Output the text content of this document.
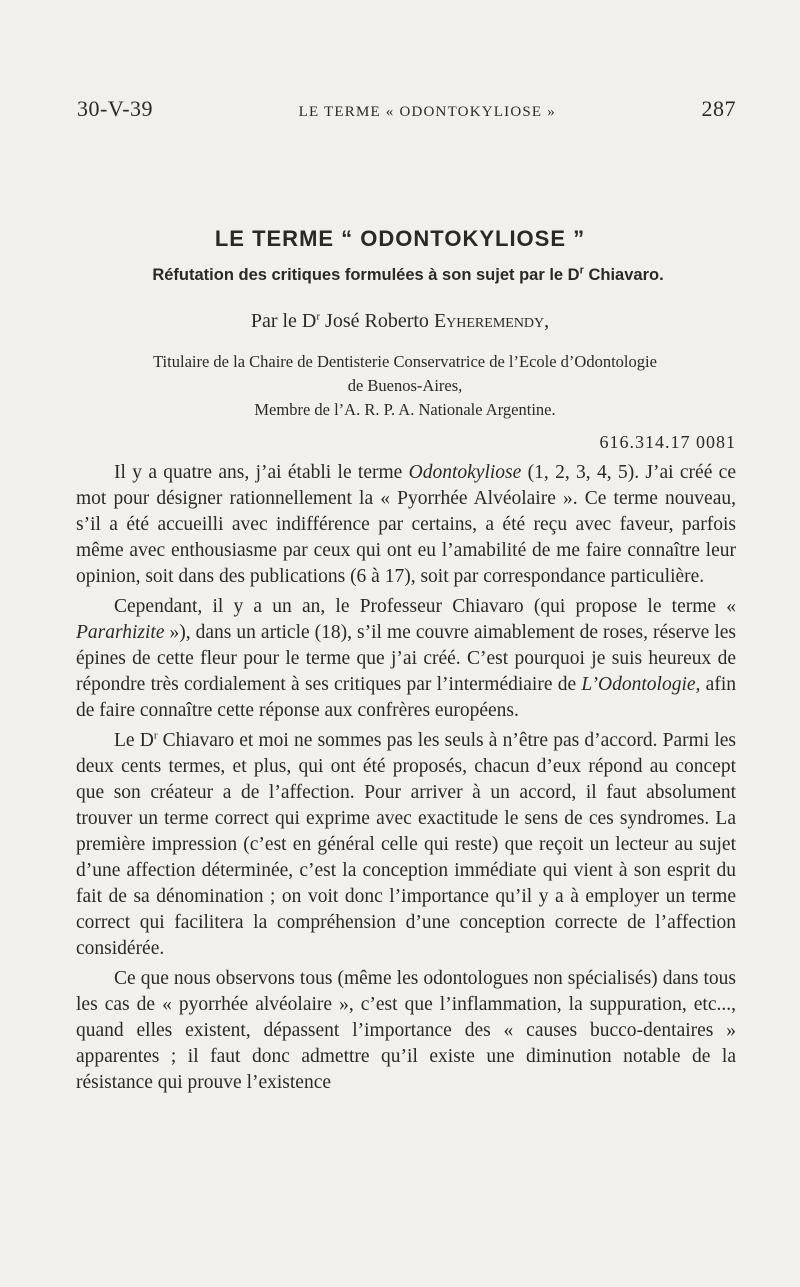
30-V-39	LE TERME « ODONTOKYLIOSE »	287
LE TERME “ ODONTOKYLIOSE ”
Réfutation des critiques formulées à son sujet par le $D^r$ Chiavaro.
Par le $D^r$ José Roberto Eyheremendy,
Titulaire de la Chaire de Dentisterie Conservatrice de l’Ecole d’Odontologie
de Buenos-Aires,
Membre de l’A. R. P. A. Nationale Argentine.
616.314.17 0081

Il y a quatre ans, j’ai établi le terme Odontokyliose (1, 2, 3, 4, 5). J’ai créé ce mot pour désigner rationnellement la « Pyorrhée Alvéolaire ». Ce terme nouveau, s’il a été accueilli avec indifférence par certains, a été reçu avec faveur, parfois même avec enthousiasme par ceux qui ont eu l’amabilité de me faire connaître leur opinion, soit dans des publications (6 à 17), soit par correspondance particulière.

Cependant, il y a un an, le Professeur Chiavaro (qui propose le terme « Pararhizite »), dans un article (18), s’il me couvre aimablement de roses, réserve les épines de cette fleur pour le terme que j’ai créé. C’est pourquoi je suis heureux de répondre très cordialement à ses critiques par l’intermédiaire de L’Odontologie, afin de faire connaître cette réponse aux confrères européens.

Le $D^r$ Chiavaro et moi ne sommes pas les seuls à n’être pas d’accord. Parmi les deux cents termes, et plus, qui ont été proposés, chacun d’eux répond au concept que son créateur a de l’affection. Pour arriver à un accord, il faut absolument trouver un terme correct qui exprime avec exactitude le sens de ces syndromes. La première impression (c’est en général celle qui reste) que reçoit un lecteur au sujet d’une affection déterminée, c’est la conception immédiate qui vient à son esprit du fait de sa dénomination ; on voit donc l’importance qu’il y a à employer un terme correct qui facilitera la compréhension d’une conception correcte de l’affection considérée.

Ce que nous observons tous (même les odontologues non spécialisés) dans tous les cas de « pyorrhée alvéolaire », c’est que l’inflammation, la suppuration, etc..., quand elles existent, dépassent l’importance des « causes bucco-dentaires » apparentes ; il faut donc admettre qu’il existe une diminution notable de la résistance qui prouve l’existence
